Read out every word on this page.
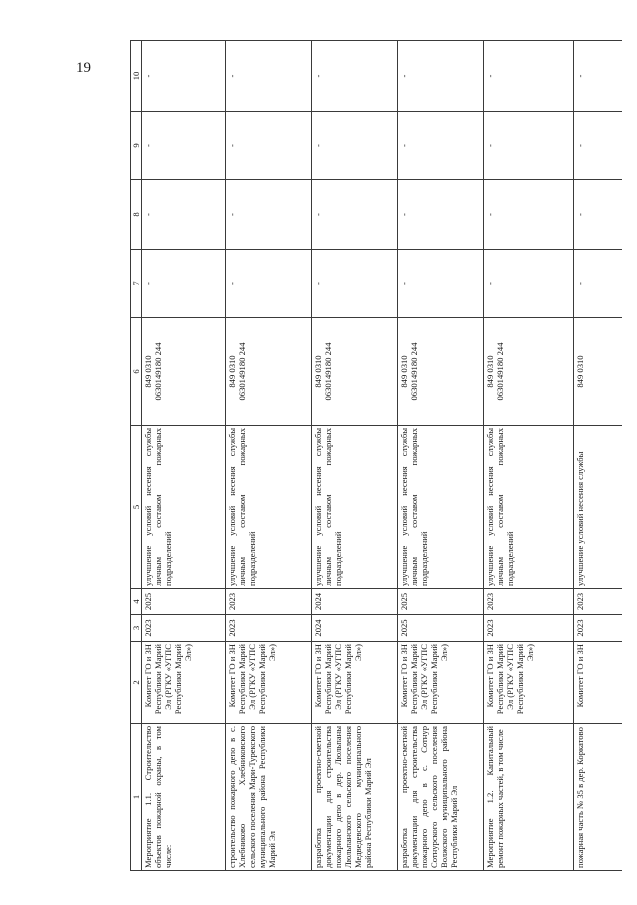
19
1	2	3	4	5	6	7	8	9	10
Мероприятие 1.1. Строительство объектов пожарной охраны, в том числе:	Комитет ГО и ЗН Республики Марий Эл (РГКУ «УГПС Республики Марий Эл»)	2023	2025	улучшение условий несения службы личным составом пожарных подразделений	849 0310 0630149180 244	-	-	-	-
строительство пожарного депо в с. Хлебниково Хлебниковского сельского поселения Мари-Турекского муниципального района Республики Марий Эл	Комитет ГО и ЗН Республики Марий Эл (РГКУ «УГПС Республики Марий Эл»)	2023	2023	улучшение условий несения службы личным составом пожарных подразделений	849 0310 0630149180 244	-	-	-	-
разработка проектно-сметной документации для строительства пожарного депо в дер. Люльпаны Люльпанского сельского поселения Медведевского муниципального района Республики Марий Эл	Комитет ГО и ЗН Республики Марий Эл (РГКУ «УГПС Республики Марий Эл»)	2024	2024	улучшение условий несения службы личным составом пожарных подразделений	849 0310 0630149180 244	-	-	-	-
разработка проектно-сметной документации для строительства пожарного депо в с. Сотнур Сотнурского сельского поселения Волжского муниципального района Республики Марий Эл	Комитет ГО и ЗН Республики Марий Эл (РГКУ «УГПС Республики Марий Эл»)	2025	2025	улучшение условий несения службы личным составом пожарных подразделений	849 0310 0630149180 244	-	-	-	-
Мероприятие 1.2. Капитальный ремонт пожарных частей, в том числе	Комитет ГО и ЗН Республики Марий Эл (РГКУ «УГПС Республики Марий Эл»)	2023	2023	улучшение условий несения службы личным составом пожарных подразделений	849 0310 0630149180 244	-	-	-	-
пожарная часть № 35 в дер. Коркатово	Комитет ГО и ЗН	2023	2023	улучшение условий несения службы	849 0310	-	-	-	-
